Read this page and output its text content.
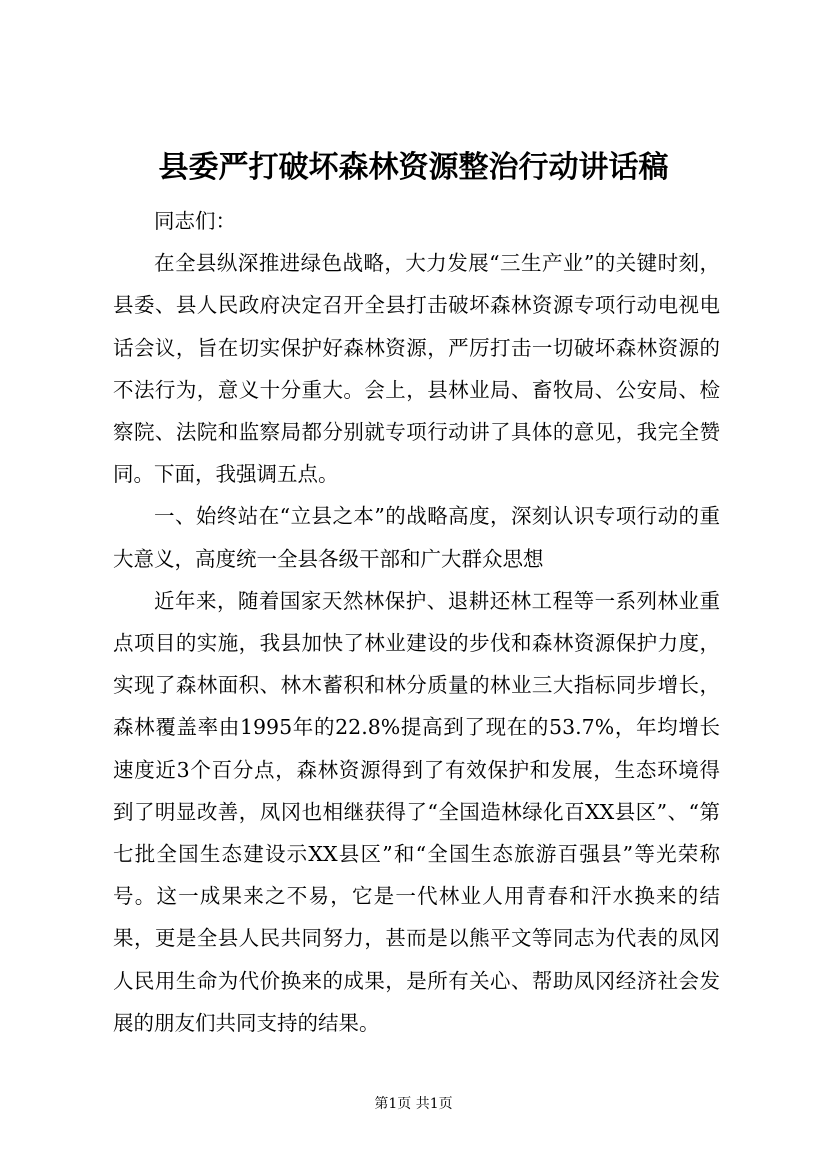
县委严打破坏森林资源整治行动讲话稿

同志们：

在全县纵深推进绿色战略，大力发展“三生产业”的关键时刻，县委、县人民政府决定召开全县打击破坏森林资源专项行动电视电话会议，旨在切实保护好森林资源，严厉打击一切破坏森林资源的不法行为，意义十分重大。会上，县林业局、畜牧局、公安局、检察院、法院和监察局都分别就专项行动讲了具体的意见，我完全赞同。下面，我强调五点。

一、始终站在“立县之本”的战略高度，深刻认识专项行动的重大意义，高度统一全县各级干部和广大群众思想

近年来，随着国家天然林保护、退耕还林工程等一系列林业重点项目的实施，我县加快了林业建设的步伐和森林资源保护力度，实现了森林面积、林木蓄积和林分质量的林业三大指标同步增长，森林覆盖率由1995年的22.8%提高到了现在的53.7%，年均增长速度近3个百分点，森林资源得到了有效保护和发展，生态环境得到了明显改善，凤冈也相继获得了“全国造林绿化百XX县区”、“第七批全国生态建设示XX县区”和“全国生态旅游百强县”等光荣称号。这一成果来之不易，它是一代林业人用青春和汗水换来的结果，更是全县人民共同努力，甚而是以熊平文等同志为代表的凤冈人民用生命为代价换来的成果，是所有关心、帮助凤冈经济社会发展的朋友们共同支持的结果。

第1页 共1页
